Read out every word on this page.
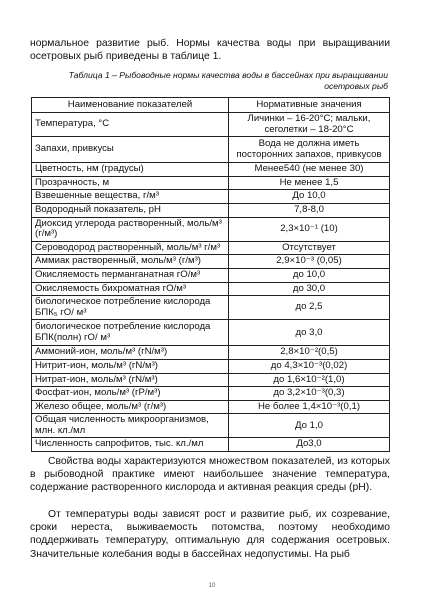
нормальное развитие рыб. Нормы качества воды при выращивании осетровых рыб приведены в таблице 1.

Таблица 1 – Рыбоводные нормы качества воды в бассейнах при выращивании осетровых рыб

Наименование показателей	Нормативные значения
Температура, °С	Личинки – 16-20°С; мальки, сеголетки – 18-20°С
Запахи, привкусы	Вода не должна иметь посторонних запахов, привкусов
Цветность, нм (градусы)	Менее540 (не менее 30)
Прозрачность, м	Не менее 1,5
Взвешенные вещества, г/м³	До 10,0
Водородный показатель, pH	7,8-8,0
Диоксид углерода растворенный, моль/м³ (г/м³)	2,3×10⁻¹ (10)
Сероводород растворенный, моль/м³ г/м³	Отсутствует
Аммиак растворенный, моль/м³ (г/м³)	2,9×10⁻³ (0,05)
Окисляемость перманганатная гО/м³	до 10,0
Окисляемость бихроматная гО/м³	до 30,0
биологическое потребление кислорода БПК₅ гО/ м³	до 2,5
биологическое потребление кислорода БПК(полн) гО/ м³	до 3,0
Аммоний-ион, моль/м³ (гN/м³)	2,8×10⁻²(0,5)
Нитрит-ион, моль/м³ (гN/м³)	до 4,3×10⁻³(0,02)
Нитрат-ион, моль/м³ (гN/м³)	до 1,6×10⁻²(1,0)
Фосфат-ион, моль/м³ (гР/м³)	до 3,2×10⁻³(0,3)
Железо общее, моль/м³ (г/м³)	Не более 1,4×10⁻³(0,1)
Общая численность микроорганизмов, млн. кл./мл	До 1,0
Численность сапрофитов, тыс. кл./мл	До3,0

Свойства воды характеризуются множеством показателей, из которых в рыбоводной практике имеют наибольшее значение температура, содержание растворенного кислорода и активная реакция среды (рН).

От температуры воды зависят рост и развитие рыб, их созревание, сроки нереста, выживаемость потомства, поэтому необходимо поддерживать температуру, оптимальную для содержания осетровых. Значительные колебания воды в бассейнах недопустимы. На рыб

10
